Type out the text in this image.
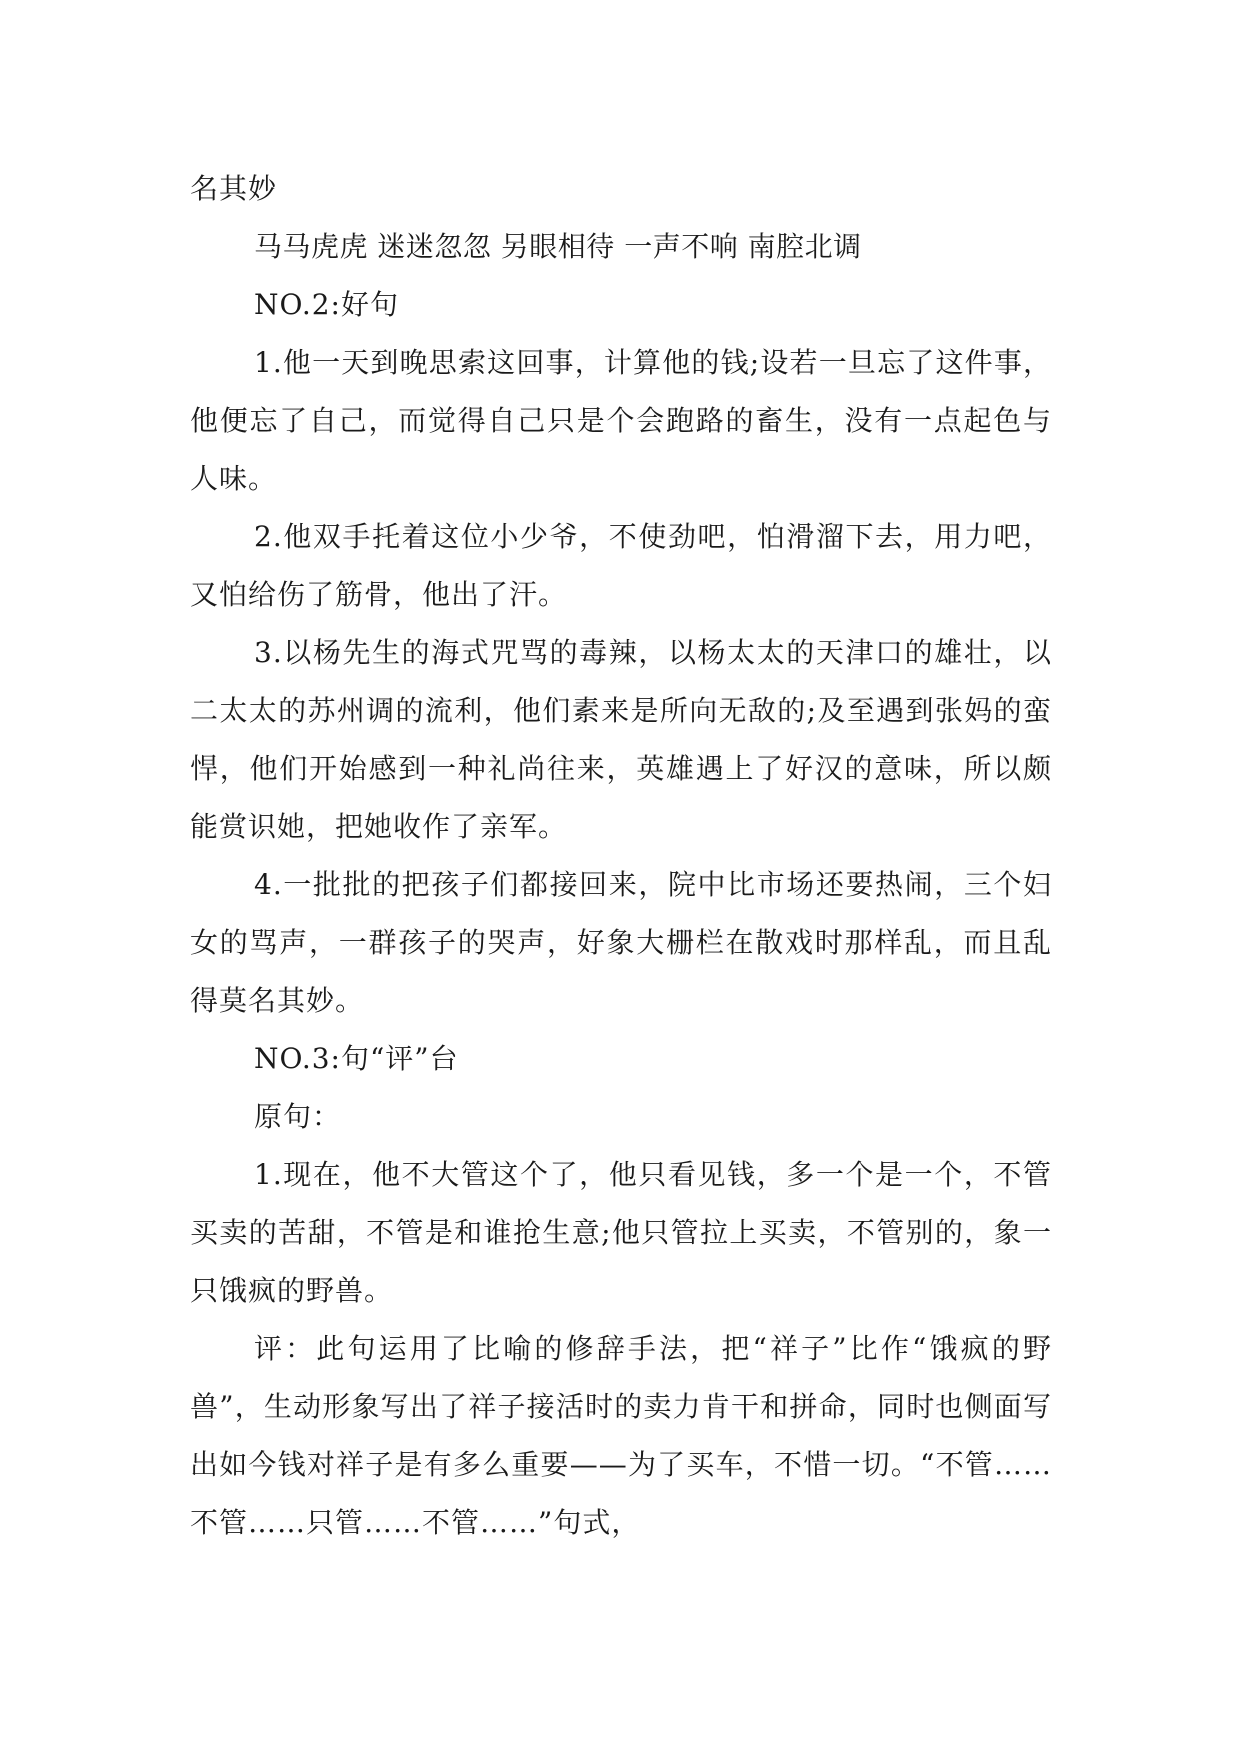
名其妙

马马虎虎 迷迷忽忽 另眼相待 一声不响 南腔北调

NO.2:好句

1.他一天到晚思索这回事，计算他的钱;设若一旦忘了这件事，他便忘了自己，而觉得自己只是个会跑路的畜生，没有一点起色与人味。

2.他双手托着这位小少爷，不使劲吧，怕滑溜下去，用力吧，又怕给伤了筋骨，他出了汗。

3.以杨先生的海式咒骂的毒辣，以杨太太的天津口的雄壮，以二太太的苏州调的流利，他们素来是所向无敌的;及至遇到张妈的蛮悍，他们开始感到一种礼尚往来，英雄遇上了好汉的意味，所以颇能赏识她，把她收作了亲军。

4.一批批的把孩子们都接回来，院中比市场还要热闹，三个妇女的骂声，一群孩子的哭声，好象大栅栏在散戏时那样乱，而且乱得莫名其妙。

NO.3:句“评”台

原句：

1.现在，他不大管这个了，他只看见钱，多一个是一个，不管买卖的苦甜，不管是和谁抢生意;他只管拉上买卖，不管别的，象一只饿疯的野兽。

评：此句运用了比喻的修辞手法，把“祥子”比作“饿疯的野兽”，生动形象写出了祥子接活时的卖力肯干和拼命，同时也侧面写出如今钱对祥子是有多么重要——为了买车，不惜一切。“不管……不管……只管……不管……”句式，
